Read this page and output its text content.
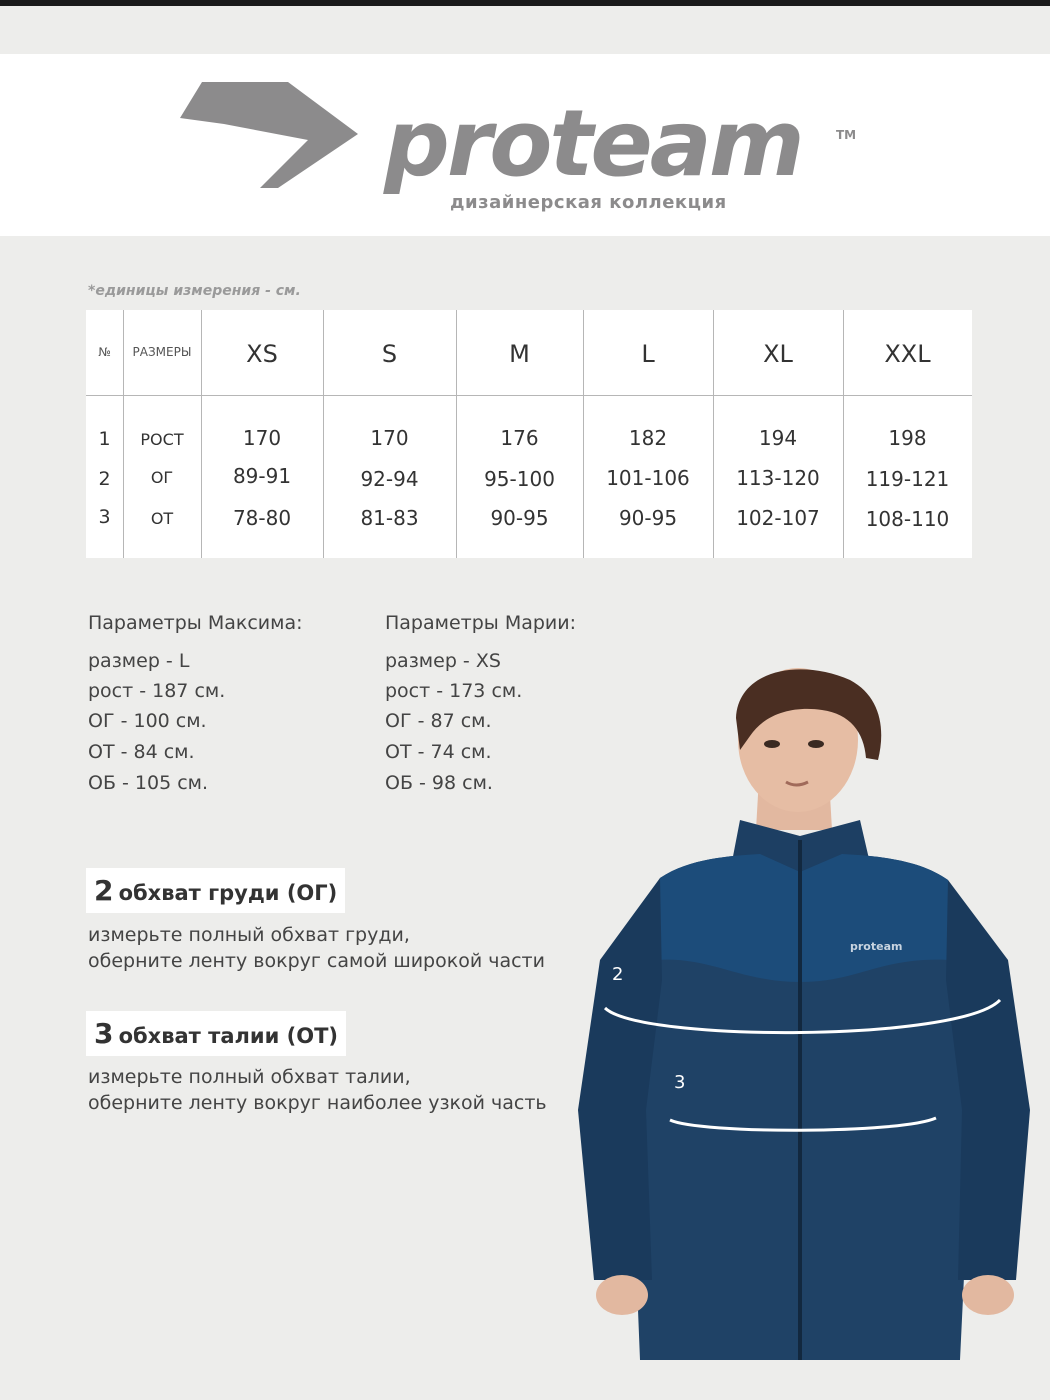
proteam	TM
дизайнерская коллекция
*единицы измерения - см.
№	РАЗМЕРЫ	XS	S	M	L	XL	XXL
1	РОСТ	170	170	176	182	194	198
2	ОГ	89-91	92-94	95-100	101-106	113-120	119-121
3	ОТ	78-80	81-83	90-95	90-95	102-107	108-110
Параметры Максима:
размер - L
рост - 187 см.
ОГ - 100 см.
ОТ - 84 см.
ОБ - 105 см.
Параметры Марии:
размер - XS
рост - 173 см.
ОГ - 87 см.
ОТ - 74 см.
ОБ - 98 см.
proteam
2
3
2 обхват груди (ОГ)
измерьте полный обхват груди,
оберните ленту вокруг самой широкой части
3 обхват талии (ОТ)
измерьте полный обхват талии,
оберните ленту вокруг наиболее узкой часть
